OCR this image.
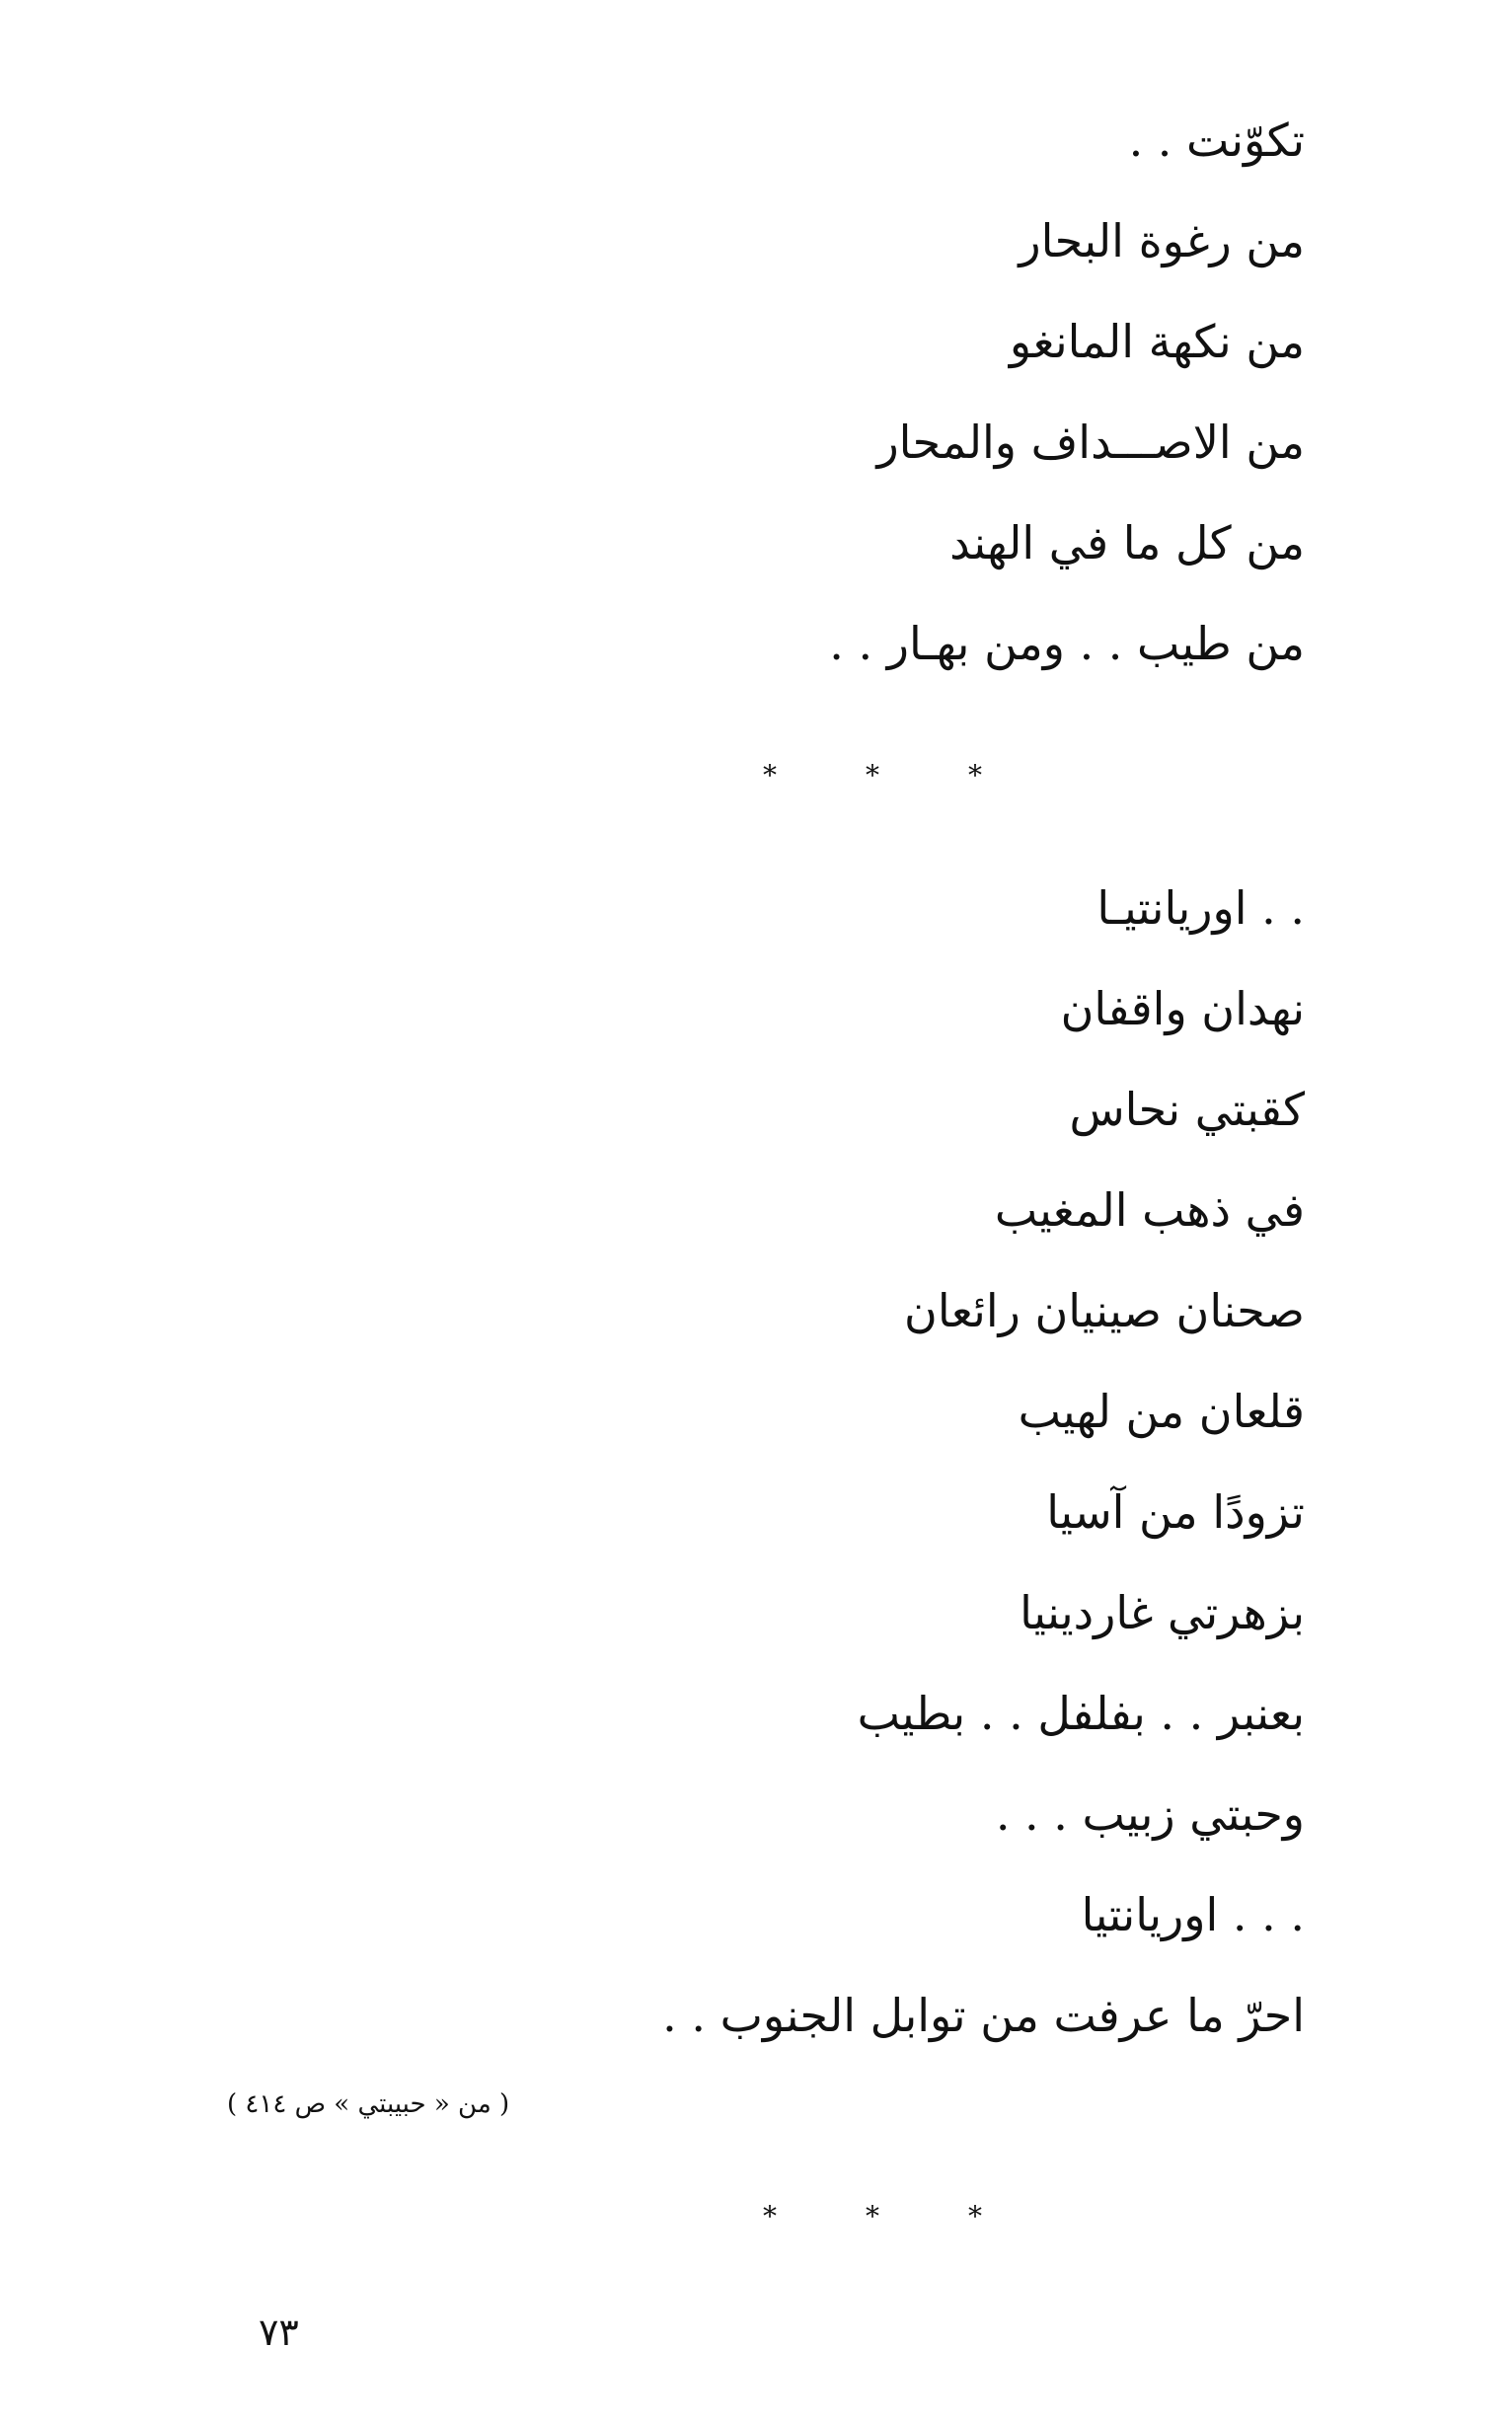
تكوّنت . .
من رغوة البحار
من نكهة المانغو
من الاصـــداف والمحار
من كل ما في الهند
من طيب . . ومن بهـار . .
*	*	*
. . اوريانتيـا
نهدان واقفان
كقبتي نحاس
في ذهب المغيب
صحنان صينيان رائعان
قلعان من لهيب
تزودًا من آسيا
بزهرتي غاردينيا
بعنبر . . بفلفل . . بطيب
وحبتي زبيب . . .
. . . اوريانتيا
احرّ ما عرفت من توابل الجنوب . .
( من « حبيبتي » ص ٤١٤ )
*	*	*
٧٣
